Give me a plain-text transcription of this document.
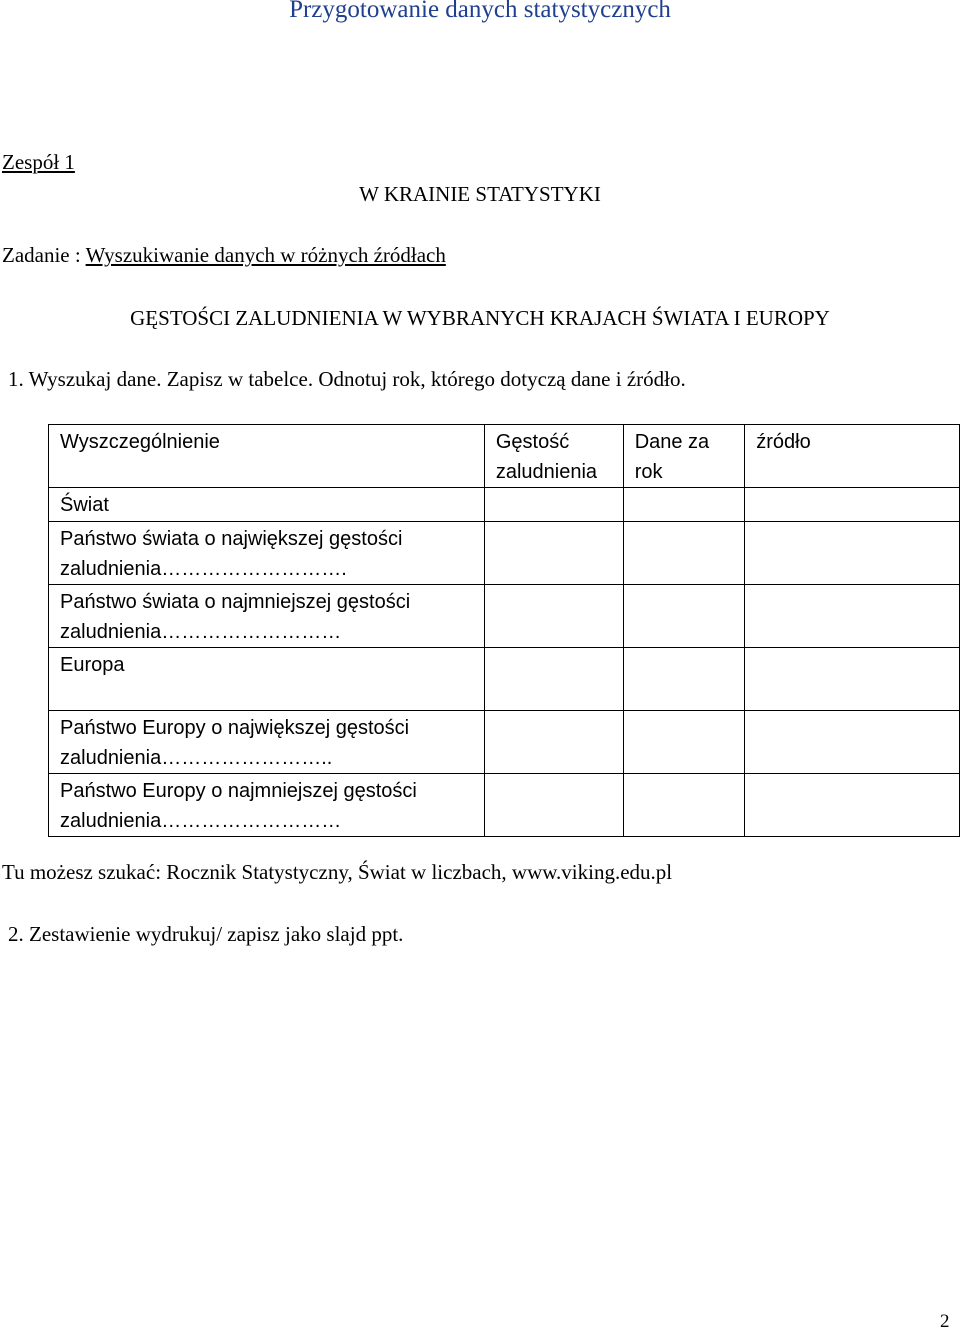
Przygotowanie danych statystycznych
Zespół 1
W KRAINIE STATYSTYKI
Zadanie : Wyszukiwanie danych w różnych źródłach
GĘSTOŚCI ZALUDNIENIA W WYBRANYCH KRAJACH ŚWIATA I EUROPY
1. Wyszukaj dane. Zapisz w tabelce. Odnotuj rok, którego dotyczą dane i źródło.
Wyszczególnienie	Gęstość zaludnienia	Dane za rok	źródło
Świat			
Państwo świata o największej gęstości zaludnienia……………………….			
Państwo świata o najmniejszej gęstości zaludnienia………………………			
Europa			
Państwo Europy o największej gęstości zaludnienia……………………..			
Państwo Europy o najmniejszej gęstości zaludnienia………………………			
Tu możesz szukać: Rocznik Statystyczny, Świat w liczbach, www.viking.edu.pl
2. Zestawienie wydrukuj/ zapisz jako slajd ppt.
2
